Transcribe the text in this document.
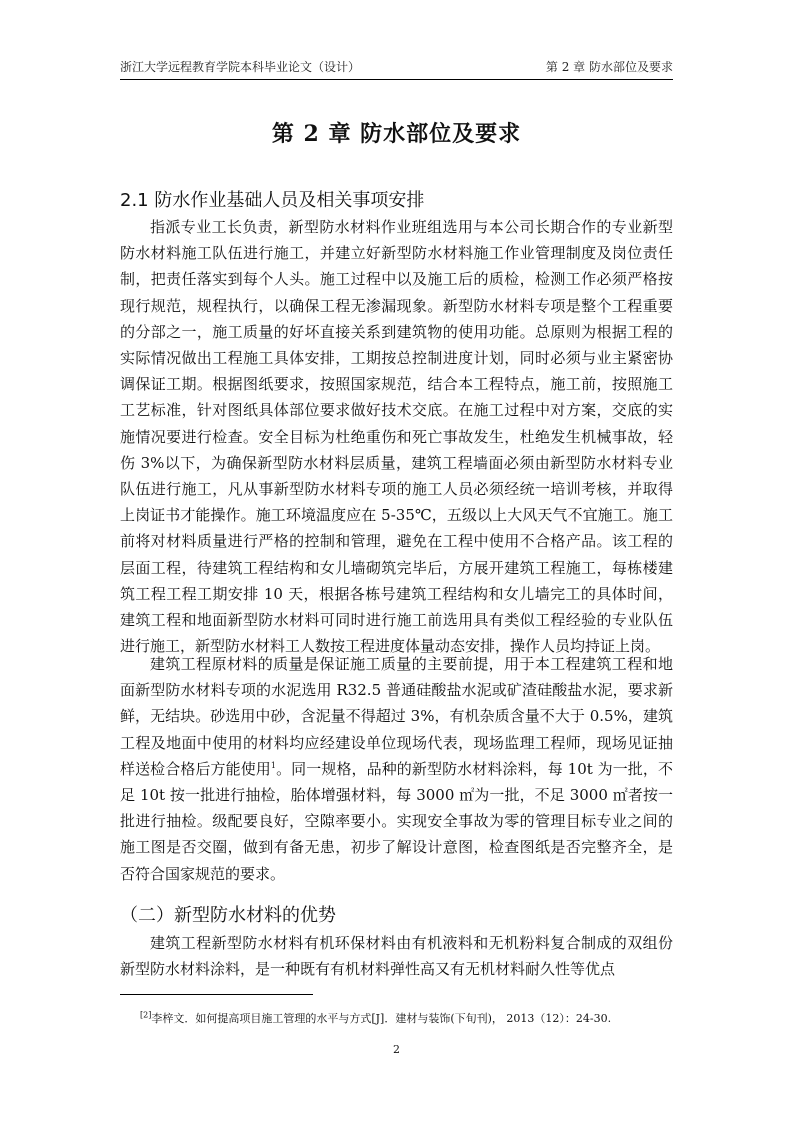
浙江大学远程教育学院本科毕业论文（设计）	第 2 章 防水部位及要求
第 2 章 防水部位及要求
2.1 防水作业基础人员及相关事项安排

指派专业工长负责，新型防水材料作业班组选用与本公司长期合作的专业新型防水材料施工队伍进行施工，并建立好新型防水材料施工作业管理制度及岗位责任制，把责任落实到每个人头。施工过程中以及施工后的质检，检测工作必须严格按现行规范，规程执行，以确保工程无渗漏现象。新型防水材料专项是整个工程重要的分部之一，施工质量的好坏直接关系到建筑物的使用功能。总原则为根据工程的实际情况做出工程施工具体安排，工期按总控制进度计划，同时必须与业主紧密协调保证工期。根据图纸要求，按照国家规范，结合本工程特点，施工前，按照施工工艺标准，针对图纸具体部位要求做好技术交底。在施工过程中对方案，交底的实施情况要进行检查。安全目标为杜绝重伤和死亡事故发生，杜绝发生机械事故，轻伤 3%以下，为确保新型防水材料层质量，建筑工程墙面必须由新型防水材料专业队伍进行施工，凡从事新型防水材料专项的施工人员必须经统一培训考核，并取得上岗证书才能操作。施工环境温度应在 5-35℃，五级以上大风天气不宜施工。施工前将对材料质量进行严格的控制和管理，避免在工程中使用不合格产品。该工程的层面工程，待建筑工程结构和女儿墙砌筑完毕后，方展开建筑工程施工，每栋楼建筑工程工程工期安排 10 天，根据各栋号建筑工程结构和女儿墙完工的具体时间，建筑工程和地面新型防水材料可同时进行施工前选用具有类似工程经验的专业队伍进行施工，新型防水材料工人数按工程进度体量动态安排，操作人员均持证上岗。

建筑工程原材料的质量是保证施工质量的主要前提，用于本工程建筑工程和地面新型防水材料专项的水泥选用 R32.5 普通硅酸盐水泥或矿渣硅酸盐水泥，要求新鲜，无结块。砂选用中砂，含泥量不得超过 3%，有机杂质含量不大于 0.5%，建筑工程及地面中使用的材料均应经建设单位现场代表，现场监理工程师，现场见证抽样送检合格后方能使用$^1$。同一规格，品种的新型防水材料涂料，每 10t 为一批，不足 10t 按一批进行抽检，胎体增强材料，每 3000 ㎡为一批，不足 3000 ㎡者按一批进行抽检。级配要良好，空隙率要小。实现安全事故为零的管理目标专业之间的施工图是否交圈，做到有备无患，初步了解设计意图，检查图纸是否完整齐全，是否符合国家规范的要求。

（二）新型防水材料的优势

建筑工程新型防水材料有机环保材料由有机液料和无机粉料复合制成的双组份新型防水材料涂料，是一种既有有机材料弹性高又有无机材料耐久性等优点

[2]李梓文．如何提高项目施工管理的水平与方式[J]．建材与装饰(下旬刊)， 2013（12）：24-30.
2
